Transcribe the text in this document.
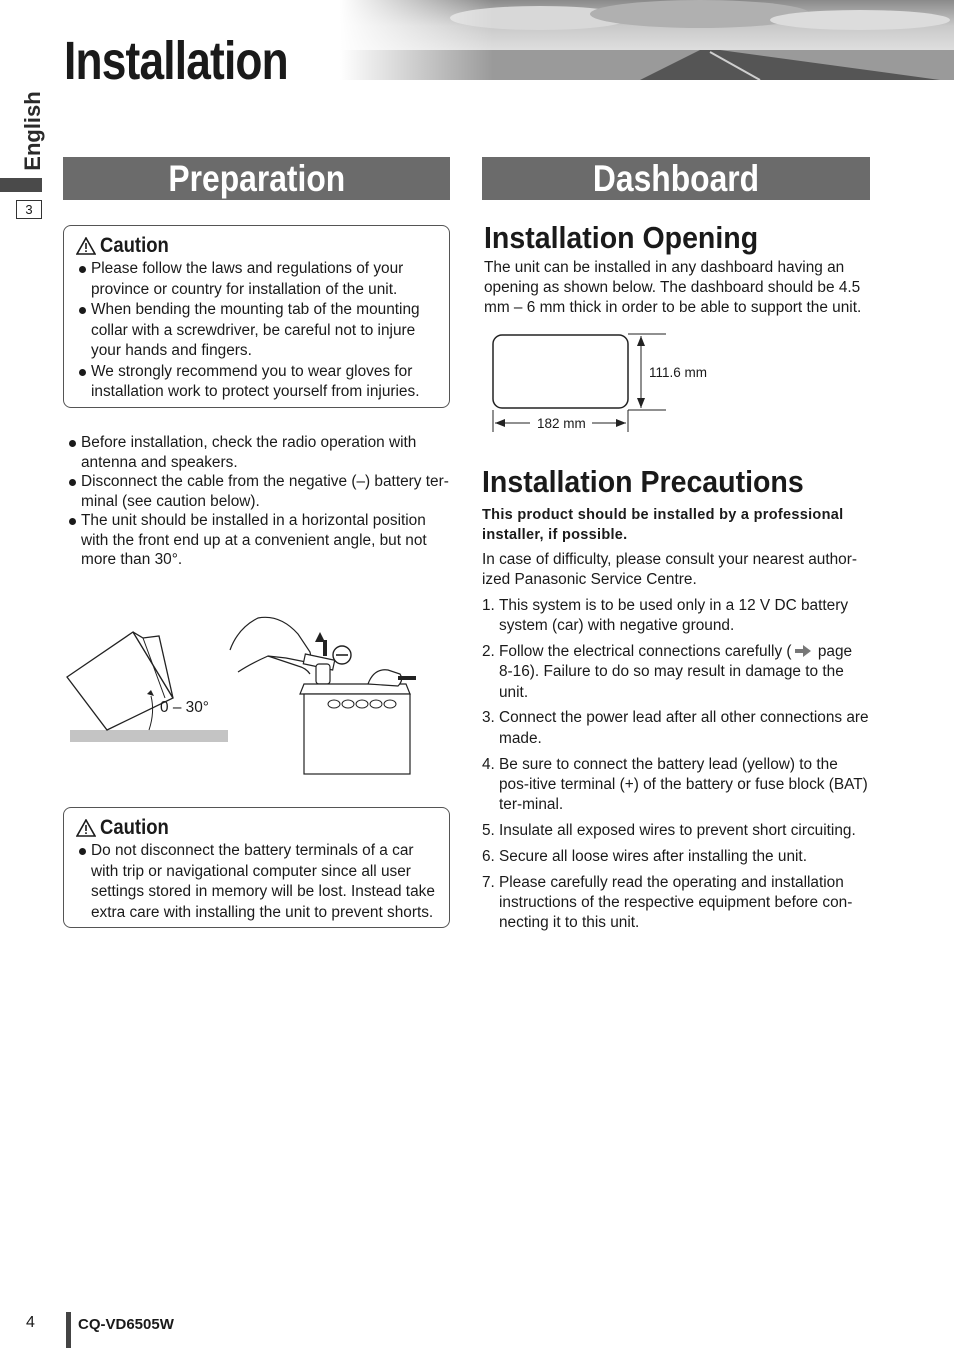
Installation
English
3
Preparation
Caution
Please follow the laws and regulations of your province or country for installation of the unit.
When bending the mounting tab of the mounting collar with a screwdriver, be careful not to injure your hands and fingers.
We strongly recommend you to wear gloves for installation work to protect yourself from injuries.
Before installation, check the radio operation with antenna and speakers.
Disconnect the cable from the negative (–) battery ter-minal (see caution below).
The unit should be installed in a horizontal position with the front end up at a convenient angle, but not more than 30°.
0 – 30°
Caution
Do not disconnect the battery terminals of a car with trip or navigational computer since all user settings stored in memory will be lost. Instead take extra care with installing the unit to prevent shorts.
Dashboard
Installation Opening
The unit can be installed in any dashboard having an opening as shown below. The dashboard should be 4.5 mm – 6 mm thick in order to be able to support the unit.
111.6 mm
182 mm
Installation Precautions
This product should be installed by a professional installer, if possible.
In case of difficulty, please consult your nearest author-ized Panasonic Service Centre.
1. This system is to be used only in a 12 V DC battery system (car) with negative ground.
2. Follow the electrical connections carefully ( page 8-16). Failure to do so may result in damage to the unit.
3. Connect the power lead after all other connections are made.
4. Be sure to connect the battery lead (yellow) to the pos-itive terminal (+) of the battery or fuse block (BAT) ter-minal.
5. Insulate all exposed wires to prevent short circuiting.
6. Secure all loose wires after installing the unit.
7. Please carefully read the operating and installation instructions of the respective equipment before con-necting it to this unit.
4	CQ-VD6505W
